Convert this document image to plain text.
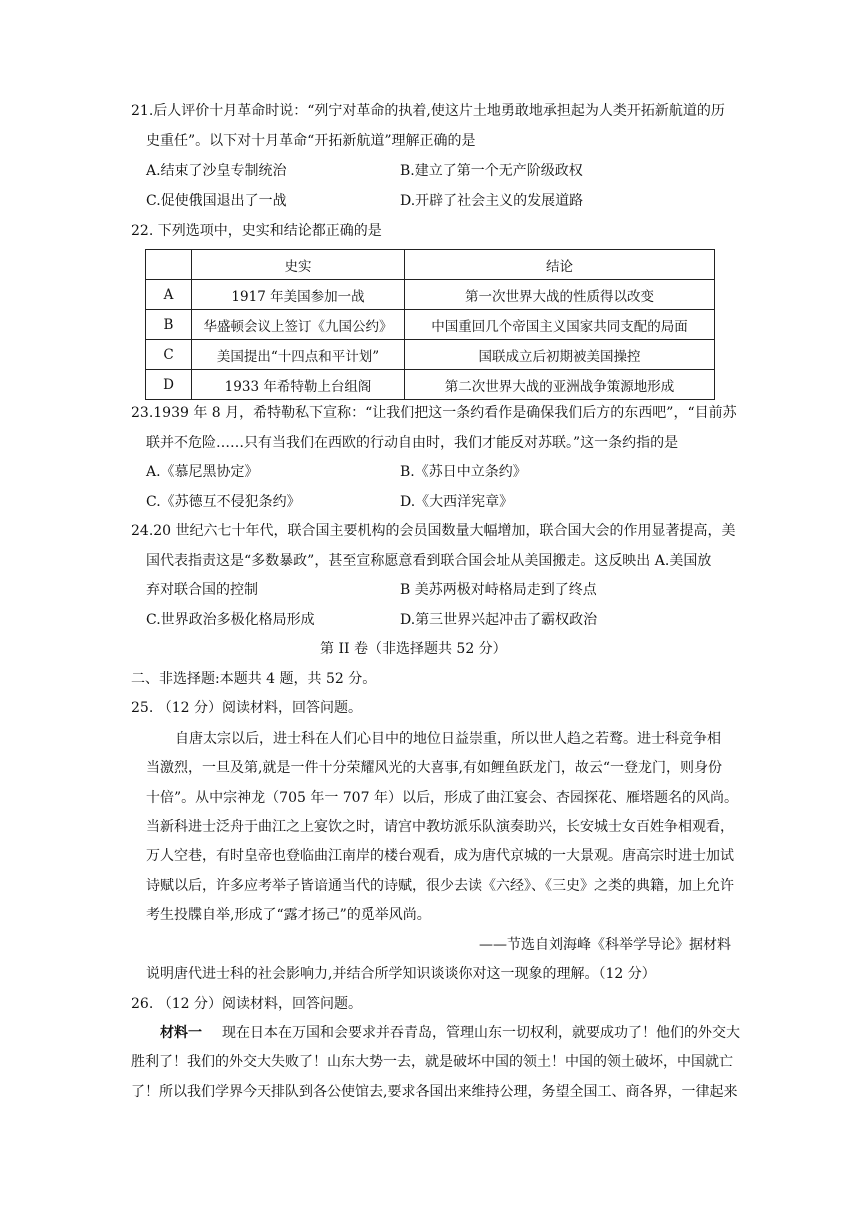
21.后人评价十月革命时说：“列宁对革命的执着,使这片土地勇敢地承担起为人类开拓新航道的历
史重任”。以下对十月革命“开拓新航道”理解正确的是
A.结束了沙皇专制统治	B.建立了第一个无产阶级政权
C.促使俄国退出了一战	D.开辟了社会主义的发展道路
22. 下列选项中，史实和结论都正确的是
	史实	结论
A	1917 年美国参加一战	第一次世界大战的性质得以改变
B	华盛顿会议上签订《九国公约》	中国重回几个帝国主义国家共同支配的局面
C	美国提出“十四点和平计划”	国联成立后初期被美国操控
D	1933 年希特勒上台组阁	第二次世界大战的亚洲战争策源地形成
23.1939 年 8 月，希特勒私下宣称：“让我们把这一条约看作是确保我们后方的东西吧”，“目前苏
联并不危险……只有当我们在西欧的行动自由时，我们才能反对苏联。”这一条约指的是
A.《慕尼黑协定》	B.《苏日中立条约》
C.《苏德互不侵犯条约》	D.《大西洋宪章》
24.20 世纪六七十年代，联合国主要机构的会员国数量大幅增加，联合国大会的作用显著提高，美
国代表指责这是“多数暴政”，甚至宣称愿意看到联合国会址从美国搬走。这反映出 A.美国放
弃对联合国的控制	B 美苏两极对峙格局走到了终点
C.世界政治多极化格局形成	D.第三世界兴起冲击了霸权政治
第 II 卷（非选择题共 52 分）
二、非选择题:本题共 4 题，共 52 分。
25. （12 分）阅读材料，回答问题。
自唐太宗以后，进士科在人们心目中的地位日益崇重，所以世人趋之若鹜。进士科竞争相
当激烈，一旦及第,就是一件十分荣耀风光的大喜事,有如鲤鱼跃龙门，故云“一登龙门，则身份
十倍”。从中宗神龙（705 年一 707 年）以后，形成了曲江宴会、杏园探花、雁塔题名的风尚。
当新科进士泛舟于曲江之上宴饮之时，请宫中教坊派乐队演奏助兴，长安城士女百姓争相观看，
万人空巷，有时皇帝也登临曲江南岸的楼台观看，成为唐代京城的一大景观。唐高宗时进士加试
诗赋以后，许多应考举子皆谙通当代的诗赋，很少去读《六经》、《三史》之类的典籍，加上允许
考生投牒自举,形成了“露才扬己”的觅举风尚。
——节选自刘海峰《科举学导论》据材料
说明唐代进士科的社会影响力,并结合所学知识谈谈你对这一现象的理解。（12 分）
26. （12 分）阅读材料，回答问题。
材料一 现在日本在万国和会要求并吞青岛，管理山东一切权利，就要成功了！他们的外交大
胜利了！我们的外交大失败了！山东大势一去，就是破坏中国的领土！中国的领土破坏，中国就亡
了！所以我们学界今天排队到各公使馆去,要求各国出来维持公理，务望全国工、商各界，一律起来
